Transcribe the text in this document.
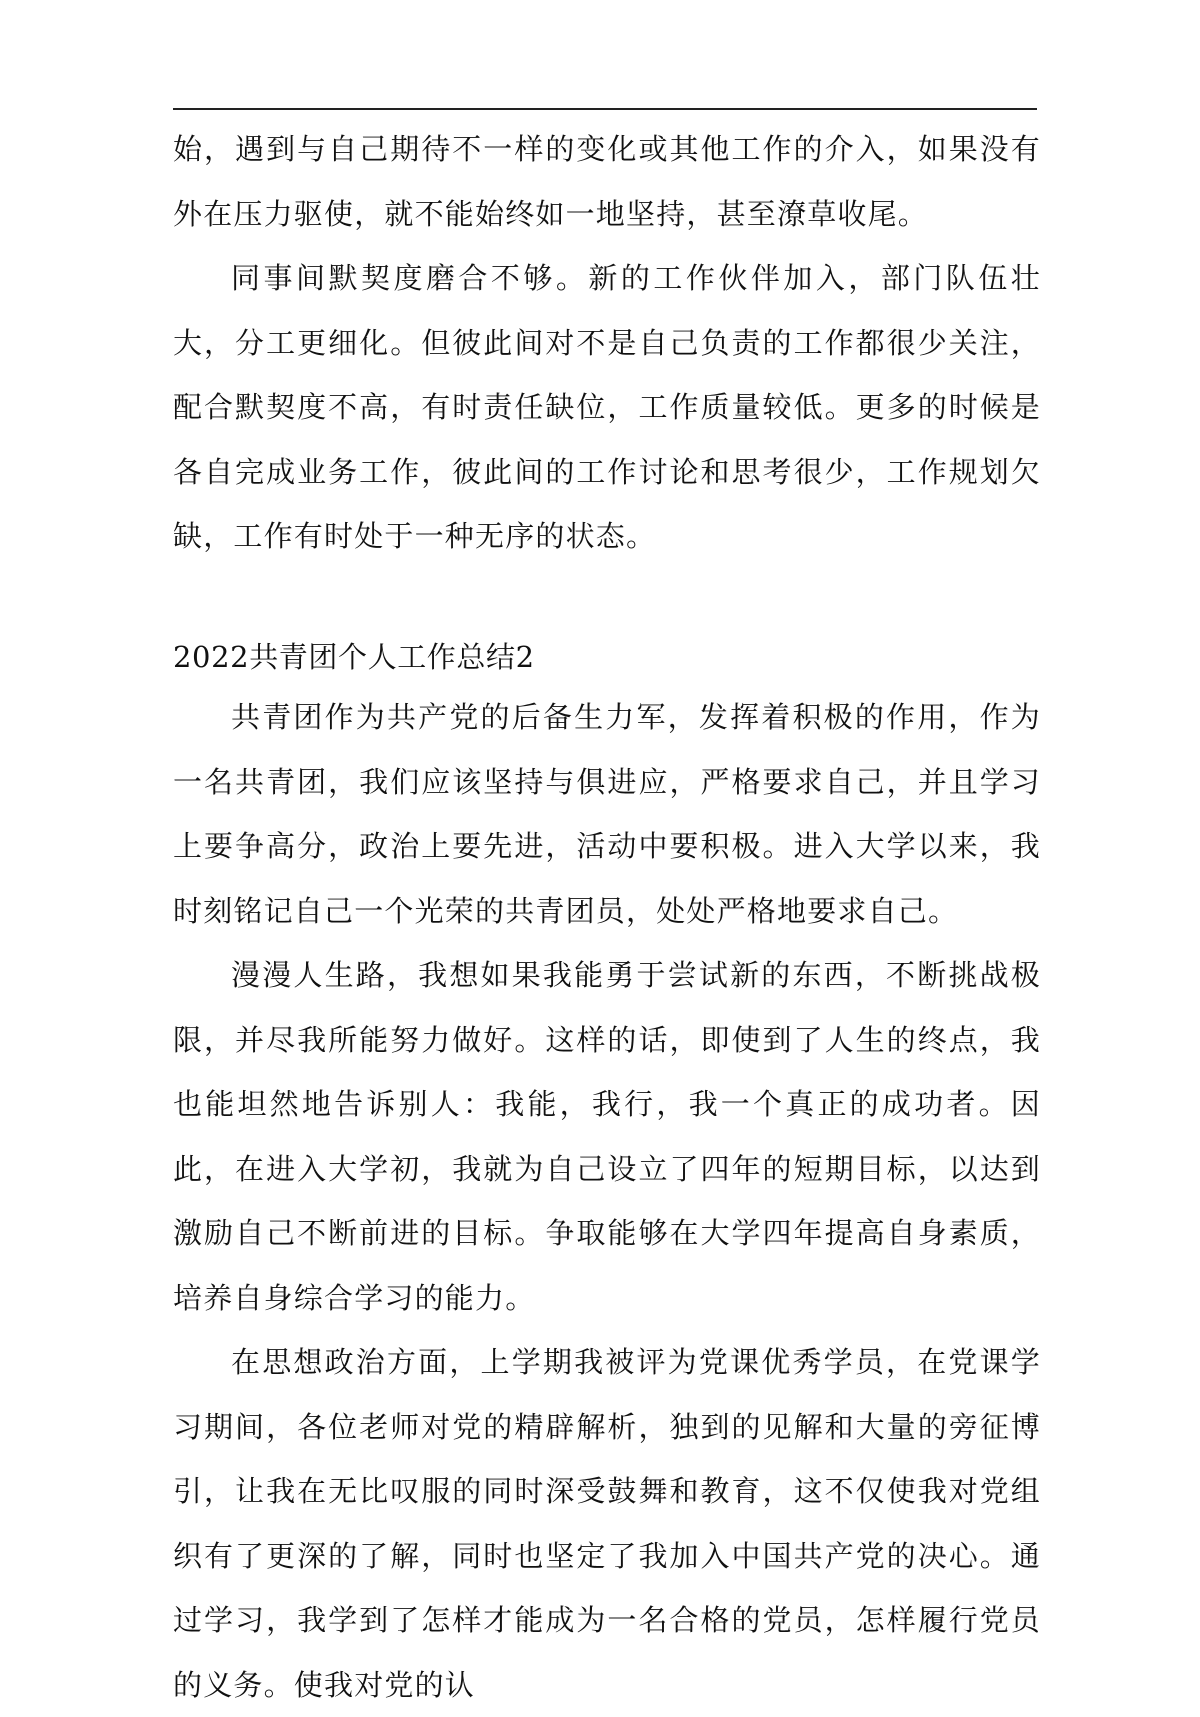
始，遇到与自己期待不一样的变化或其他工作的介入，如果没有外在压力驱使，就不能始终如一地坚持，甚至潦草收尾。

同事间默契度磨合不够。新的工作伙伴加入，部门队伍壮大，分工更细化。但彼此间对不是自己负责的工作都很少关注，配合默契度不高，有时责任缺位，工作质量较低。更多的时候是各自完成业务工作，彼此间的工作讨论和思考很少，工作规划欠缺，工作有时处于一种无序的状态。

2022共青团个人工作总结2

共青团作为共产党的后备生力军，发挥着积极的作用，作为一名共青团，我们应该坚持与俱进应，严格要求自己，并且学习上要争高分，政治上要先进，活动中要积极。进入大学以来，我时刻铭记自己一个光荣的共青团员，处处严格地要求自己。

漫漫人生路，我想如果我能勇于尝试新的东西，不断挑战极限，并尽我所能努力做好。这样的话，即使到了人生的终点，我也能坦然地告诉别人：我能，我行，我一个真正的成功者。因此，在进入大学初，我就为自己设立了四年的短期目标，以达到激励自己不断前进的目标。争取能够在大学四年提高自身素质，培养自身综合学习的能力。

在思想政治方面，上学期我被评为党课优秀学员，在党课学习期间，各位老师对党的精辟解析，独到的见解和大量的旁征博引，让我在无比叹服的同时深受鼓舞和教育，这不仅使我对党组织有了更深的了解，同时也坚定了我加入中国共产党的决心。通过学习，我学到了怎样才能成为一名合格的党员，怎样履行党员的义务。使我对党的认
